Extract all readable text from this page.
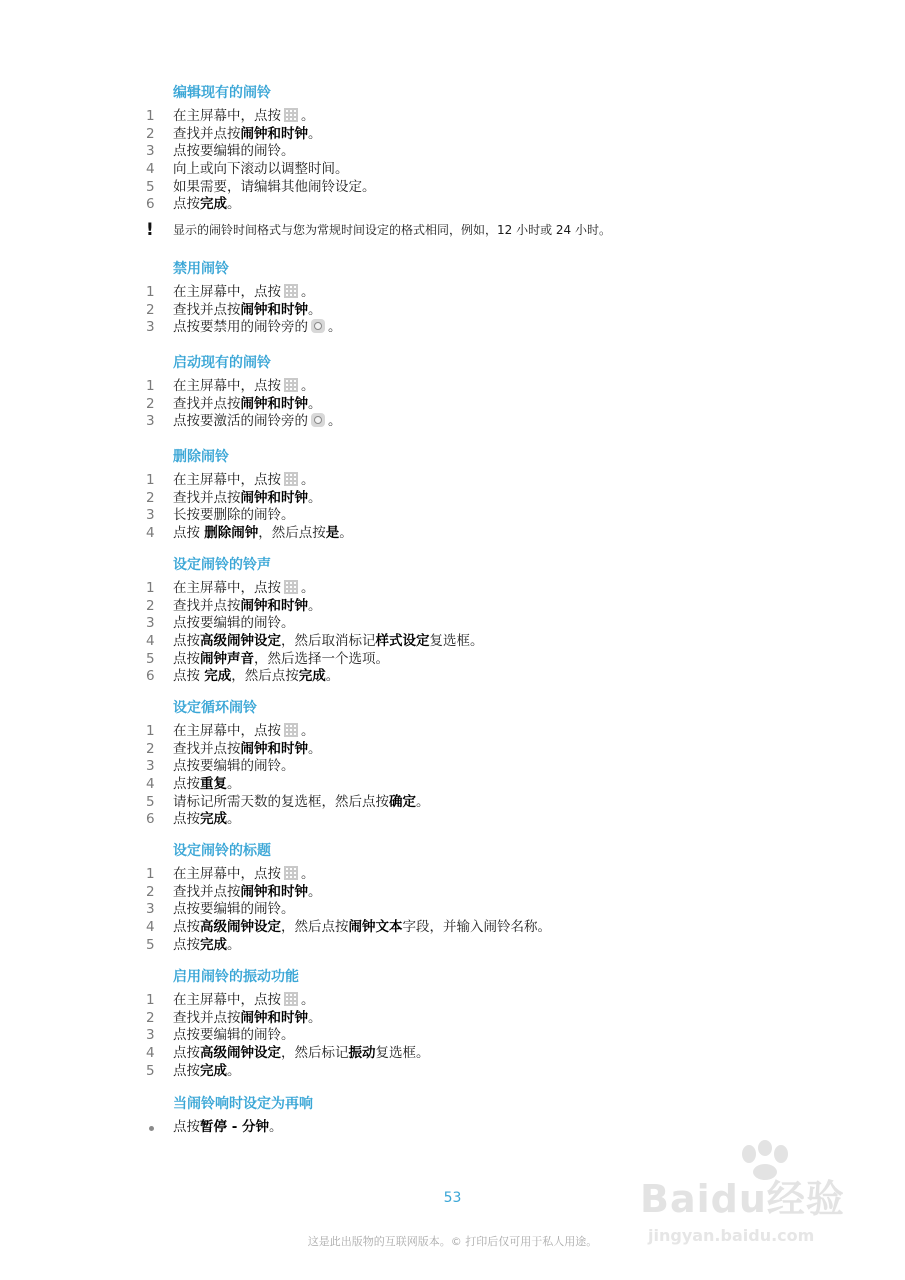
编辑现有的闹铃
1	在主屏幕中，点按 。
2	查找并点按闹钟和时钟。
3	点按要编辑的闹铃。
4	向上或向下滚动以调整时间。
5	如果需要，请编辑其他闹铃设定。
6	点按完成。
! 显示的闹铃时间格式与您为常规时间设定的格式相同，例如，12 小时或 24 小时。
禁用闹铃
1	在主屏幕中，点按 。
2	查找并点按闹钟和时钟。
3	点按要禁用的闹铃旁的 。
启动现有的闹铃
1	在主屏幕中，点按 。
2	查找并点按闹钟和时钟。
3	点按要激活的闹铃旁的 。
删除闹铃
1	在主屏幕中，点按 。
2	查找并点按闹钟和时钟。
3	长按要删除的闹铃。
4	点按 删除闹钟，然后点按是。
设定闹铃的铃声
1	在主屏幕中，点按 。
2	查找并点按闹钟和时钟。
3	点按要编辑的闹铃。
4	点按高级闹钟设定，然后取消标记样式设定复选框。
5	点按闹钟声音，然后选择一个选项。
6	点按 完成，然后点按完成。
设定循环闹铃
1	在主屏幕中，点按 。
2	查找并点按闹钟和时钟。
3	点按要编辑的闹铃。
4	点按重复。
5	请标记所需天数的复选框，然后点按确定。
6	点按完成。
设定闹铃的标题
1	在主屏幕中，点按 。
2	查找并点按闹钟和时钟。
3	点按要编辑的闹铃。
4	点按高级闹钟设定，然后点按闹钟文本字段，并输入闹铃名称。
5	点按完成。
启用闹铃的振动功能
1	在主屏幕中，点按 。
2	查找并点按闹钟和时钟。
3	点按要编辑的闹铃。
4	点按高级闹钟设定，然后标记振动复选框。
5	点按完成。
当闹铃响时设定为再响
点按暂停 - 分钟。
Baidu经验
jingyan.baidu.com
53
这是此出版物的互联网版本。© 打印后仅可用于私人用途。
